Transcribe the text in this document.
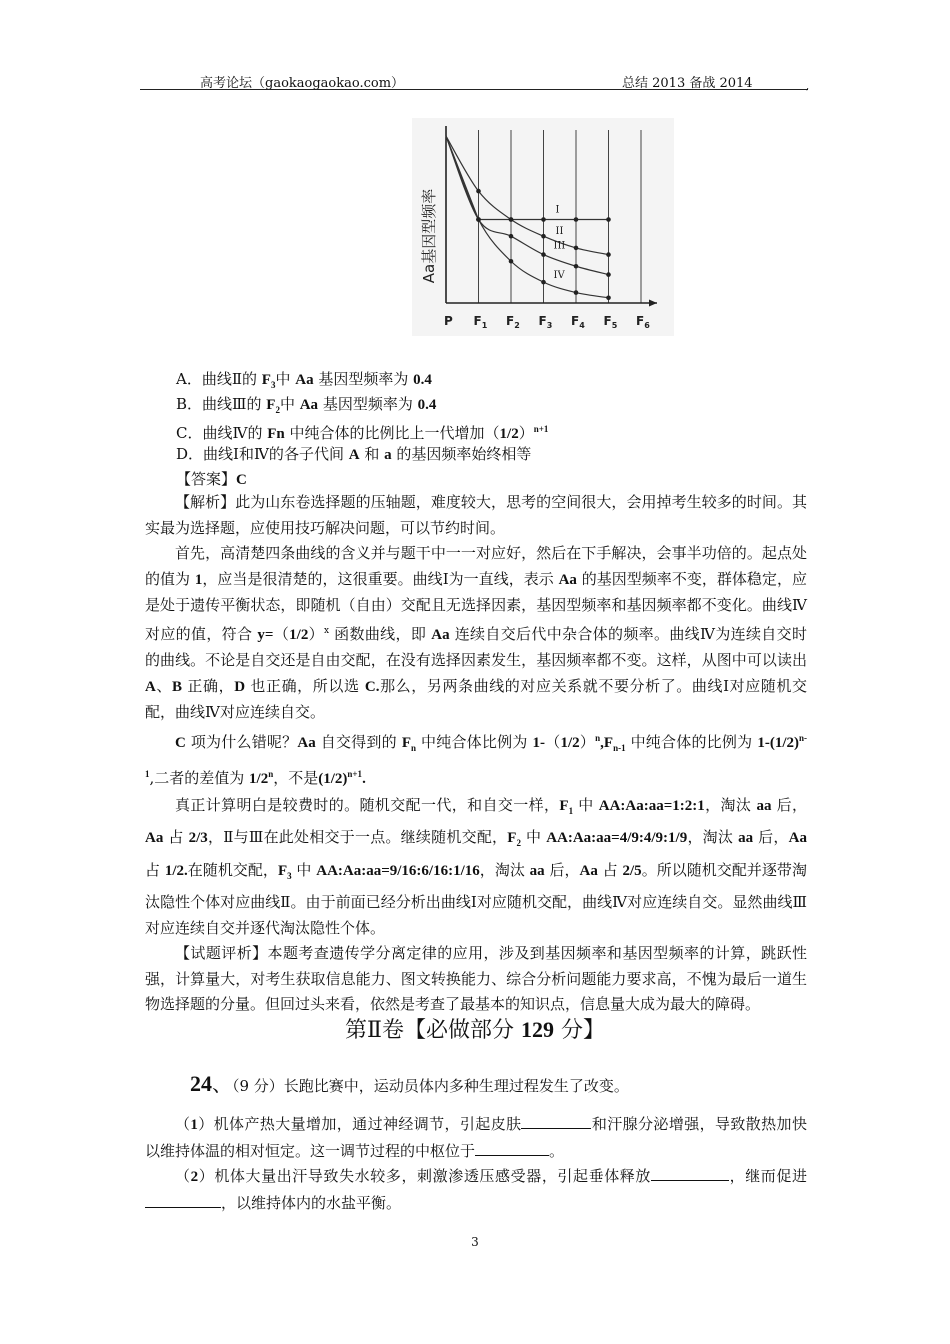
高考论坛（gaokaogaokao.com）	总结 2013 备战 2014	,
P $F_1$ $F_2$ $F_3$ $F_4$ $F_5$ $F_6$
I
II
III
IV
Aa基因型频率
A．曲线Ⅱ的 $F_3$中 Aa 基因型频率为 0.4
B．曲线Ⅲ的 $F_2$中 Aa 基因型频率为 0.4
C．曲线Ⅳ的 Fn 中纯合体的比例比上一代增加$(1/2)^{n+1}$
D．曲线Ⅰ和Ⅳ的各子代间 A 和 a 的基因频率始终相等
【答案】C

【解析】此为山东卷选择题的压轴题，难度较大，思考的空间很大，会用掉考生较多的时间。其实最为选择题，应使用技巧解决问题，可以节约时间。

首先，高清楚四条曲线的含义并与题干中一一对应好，然后在下手解决，会事半功倍的。起点处的值为 1，应当是很清楚的，这很重要。曲线Ⅰ为一直线，表示 Aa 的基因型频率不变，群体稳定，应是处于遗传平衡状态，即随机（自由）交配且无选择因素，基因型频率和基因频率都不变化。曲线Ⅳ对应的值，符合 $y=(1/2)^x$ 函数曲线，即 Aa 连续自交后代中杂合体的频率。曲线Ⅳ为连续自交时的曲线。不论是自交还是自由交配，在没有选择因素发生，基因频率都不变。这样，从图中可以读出 A、B 正确，D 也正确，所以选 C.那么，另两条曲线的对应关系就不要分析了。曲线Ⅰ对应随机交配，曲线Ⅳ对应连续自交。

C 项为什么错呢？Aa 自交得到的 $F_n$ 中纯合体比例为 $1-(1/2)^n,F_{n-1}$ 中纯合体的比例为 $1-(1/2)^{n-1}$,二者的差值为 1/2$^n$，不是$(1/2)^{n+1}$.

真正计算明白是较费时的。随机交配一代，和自交一样，$F_1$ 中 AA:Aa:aa=1:2:1，淘汰 aa 后，Aa 占 2/3，Ⅱ与Ⅲ在此处相交于一点。继续随机交配，$F_2$ 中 AA:Aa:aa=4/9:4/9:1/9，淘汰 aa 后，Aa 占 1/2.在随机交配，$F_3$ 中 AA:Aa:aa=9/16:6/16:1/16，淘汰 aa 后，Aa 占 2/5。所以随机交配并逐带淘汰隐性个体对应曲线Ⅱ。由于前面已经分析出曲线Ⅰ对应随机交配，曲线Ⅳ对应连续自交。显然曲线Ⅲ对应连续自交并逐代淘汰隐性个体。

【试题评析】本题考查遗传学分离定律的应用，涉及到基因频率和基因型频率的计算，跳跃性强，计算量大，对考生获取信息能力、图文转换能力、综合分析问题能力要求高，不愧为最后一道生物选择题的分量。但回过头来看，依然是考查了最基本的知识点，信息量大成为最大的障碍。

第Ⅱ卷【必做部分 129 分】
24、（9 分）长跑比赛中，运动员体内多种生理过程发生了改变。

（1）机体产热大量增加，通过神经调节，引起皮肤	和汗腺分泌增强，导致散热加快以维持体温的相对恒定。这一调节过程的中枢位于	。

（2）机体大量出汗导致失水较多，刺激渗透压感受器，引起垂体释放	，继而促进，以维持体内的水盐平衡。

3
